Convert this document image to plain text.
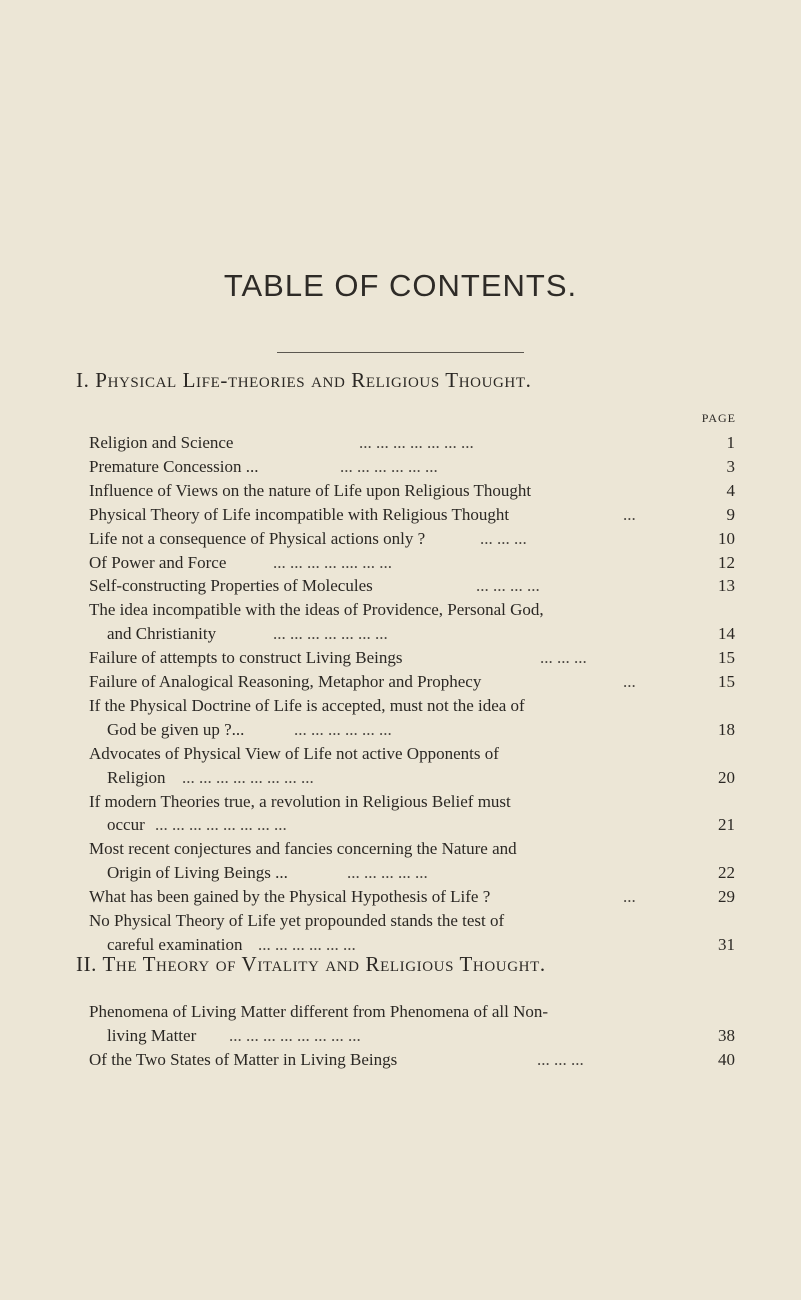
TABLE OF CONTENTS.
I. Physical Life-theories and Religious Thought.
PAGE
Religion and Science	... ... ... ... ... ... ...	1
Premature Concession ...	... ... ... ... ... ...	3
Influence of Views on the nature of Life upon Religious Thought	4
Physical Theory of Life incompatible with Religious Thought	...	9
Life not a consequence of Physical actions only ?	... ... ...	10
Of Power and Force	... ... ... ... .... ... ...	12
Self-constructing Properties of Molecules	... ... ... ...	13
The idea incompatible with the ideas of Providence, Personal God,
and Christianity	... ... ... ... ... ... ...	14
Failure of attempts to construct Living Beings	... ... ...	15
Failure of Analogical Reasoning, Metaphor and Prophecy	...	15
If the Physical Doctrine of Life is accepted, must not the idea of
God be given up ?...	... ... ... ... ... ...	18
Advocates of Physical View of Life not active Opponents of
Religion ... ... ... ... ... ... ... ...	20
If modern Theories true, a revolution in Religious Belief must
occur ... ... ... ... ... ... ... ...	21
Most recent conjectures and fancies concerning the Nature and
Origin of Living Beings ...	... ... ... ... ...	22
What has been gained by the Physical Hypothesis of Life ?	...	29
No Physical Theory of Life yet propounded stands the test of
careful examination ... ... ... ... ... ...	31
II. The Theory of Vitality and Religious Thought.
Phenomena of Living Matter different from Phenomena of all Non-
living Matter ... ... ... ... ... ... ... ...	38
Of the Two States of Matter in Living Beings	... ... ...	40
